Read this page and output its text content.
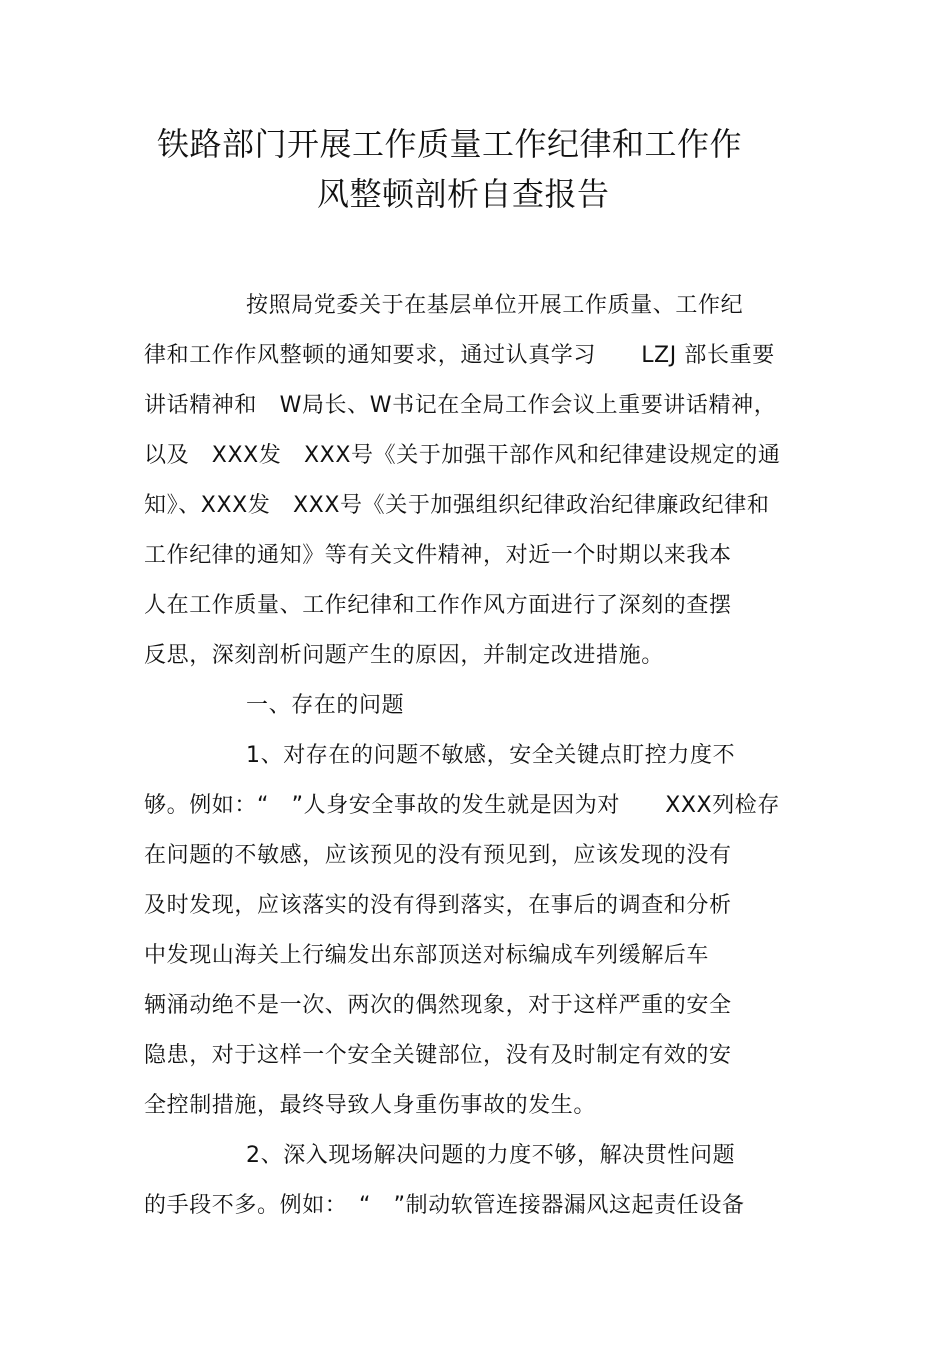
铁路部门开展工作质量工作纪律和工作作
风整顿剖析自查报告
按照局党委关于在基层单位开展工作质量、工作纪
律和工作作风整顿的通知要求，通过认真学习　　LZJ 部长重要
讲话精神和　W局长、W书记在全局工作会议上重要讲话精神，
以及　XXX发　XXX号《关于加强干部作风和纪律建设规定的通
知》、XXX发　XXX号《关于加强组织纪律政治纪律廉政纪律和
工作纪律的通知》等有关文件精神，对近一个时期以来我本
人在工作质量、工作纪律和工作作风方面进行了深刻的查摆
反思，深刻剖析问题产生的原因，并制定改进措施。
一、存在的问题
1、对存在的问题不敏感，安全关键点盯控力度不
够。例如：“　”人身安全事故的发生就是因为对　　XXX列检存
在问题的不敏感，应该预见的没有预见到，应该发现的没有
及时发现，应该落实的没有得到落实，在事后的调查和分析
中发现山海关上行编发出东部顶送对标编成车列缓解后车
辆涌动绝不是一次、两次的偶然现象，对于这样严重的安全
隐患，对于这样一个安全关键部位，没有及时制定有效的安
全控制措施，最终导致人身重伤事故的发生。
2、深入现场解决问题的力度不够，解决贯性问题
的手段不多。例如：　“　”制动软管连接器漏风这起责任设备
